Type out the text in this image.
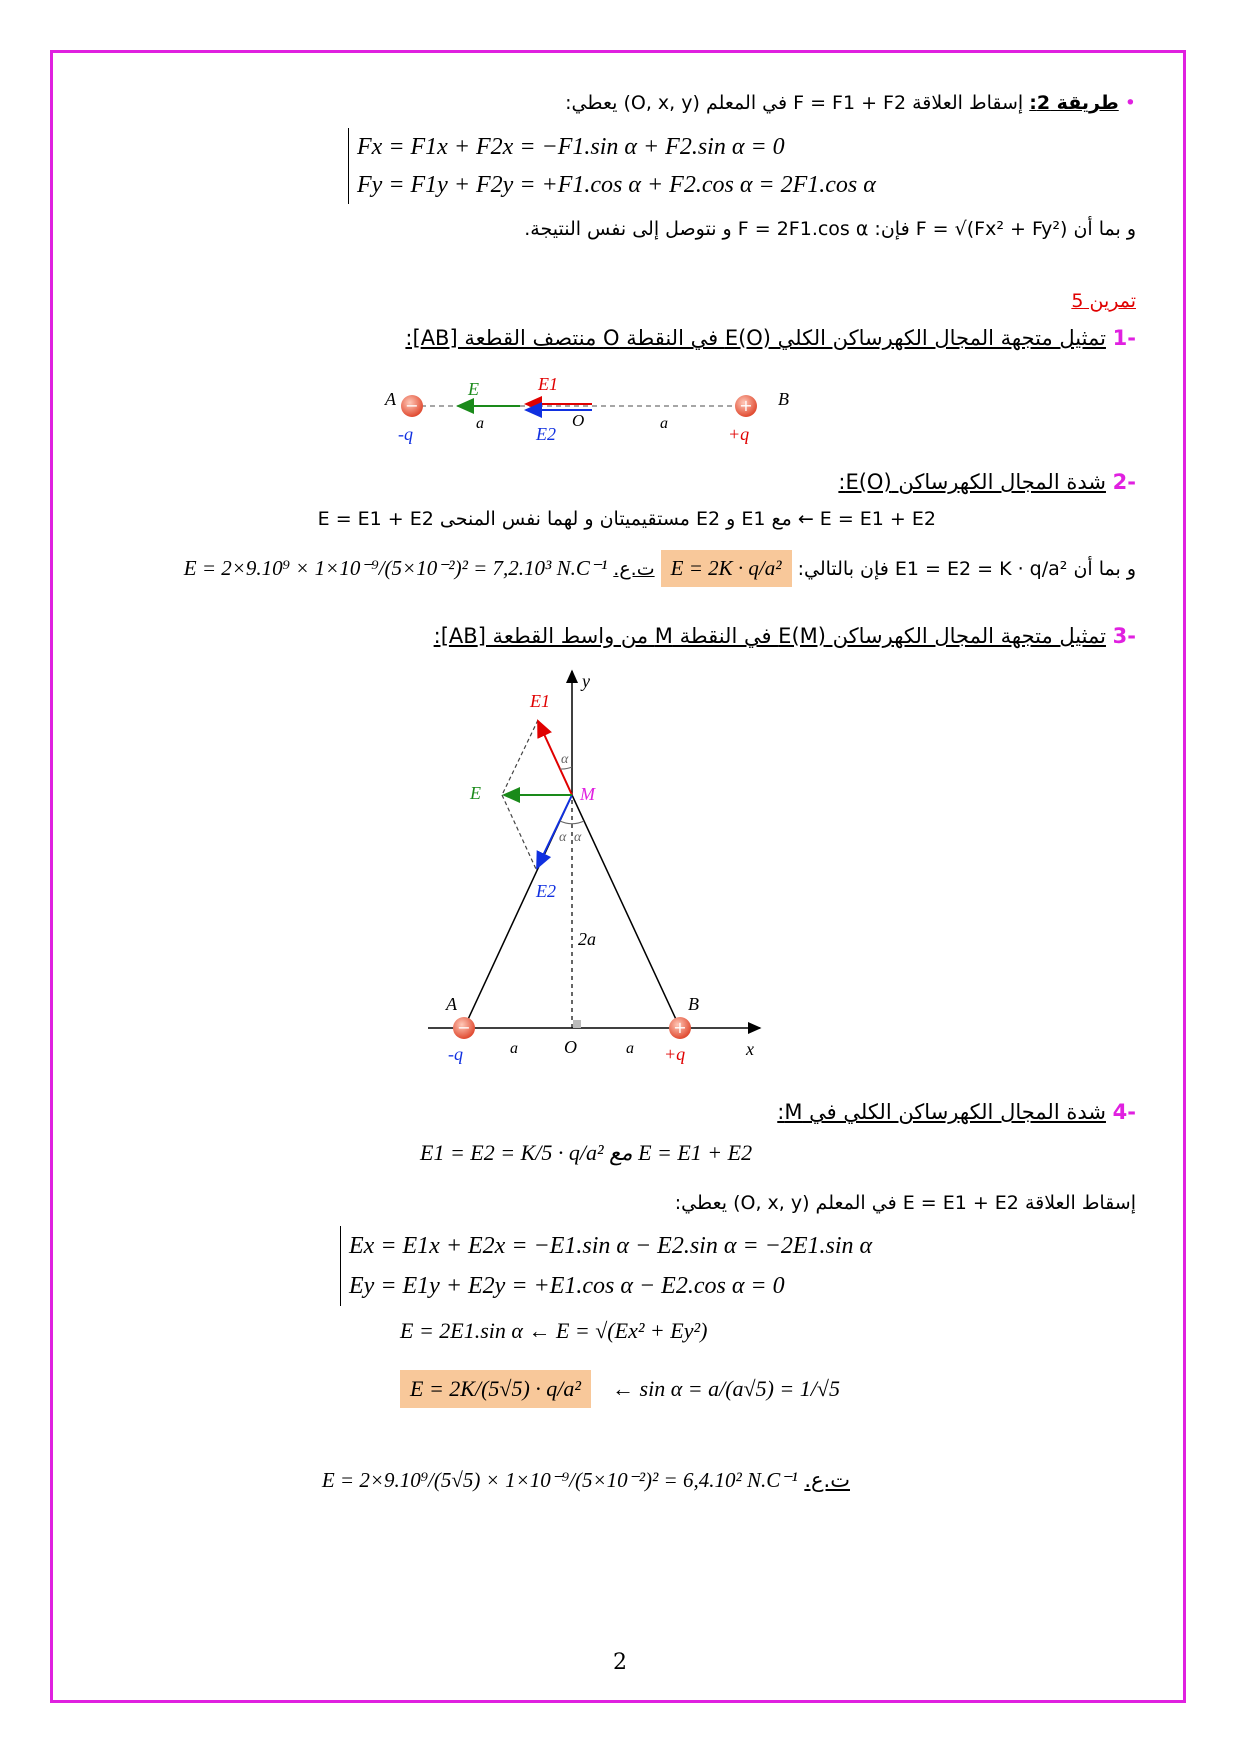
• طريقة 2: إسقاط العلاقة F = F1 + F2 في المعلم (O, x, y) يعطي:
Fx = F1x + F2x = −F1.sin α + F2.sin α = 0
Fy = F1y + F2y = +F1.cos α + F2.cos α = 2F1.cos α
و بما أن F = √(Fx² + Fy²) فإن: F = 2F1.cos α و نتوصل إلى نفس النتيجة.
تمرين 5
-1 تمثيل متجهة المجال الكهرساكن الكلي E(O) في النقطة O منتصف القطعة [AB]:
−	+
A	B
-q	+q
a	a
O
E	E1
E2
-2 شدة المجال الكهرساكن E(O):
E = E1 + E2 ← مع E1 و E2 مستقيميتان و لهما نفس المنحى E = E1 + E2
و بما أن E1 = E2 = K · q/a² فإن بالتالي: E = 2K · q/a² ت.ع. E = 2×9.10⁹ × 1×10⁻⁹/(5×10⁻²)² = 7,2.10³ N.C⁻¹
-3 تمثيل متجهة المجال الكهرساكن E(M) في النقطة M من واسط القطعة [AB]:
α
α α
−	+
y
x
M
A	B
O
-q	+q
a	a
2a
E1
E
E2
-4 شدة المجال الكهرساكن الكلي في M:
E1 = E2 = K/5 · q/a² مع E = E1 + E2
إسقاط العلاقة E = E1 + E2 في المعلم (O, x, y) يعطي:
Ex = E1x + E2x = −E1.sin α − E2.sin α = −2E1.sin α
Ey = E1y + E2y = +E1.cos α − E2.cos α = 0
E = 2E1.sin α ← E = √(Ex² + Ey²)
E = 2K/(5√5) · q/a² ← sin α = a/(a√5) = 1/√5
ت.ع. E = 2×9.10⁹/(5√5) × 1×10⁻⁹/(5×10⁻²)² = 6,4.10² N.C⁻¹
2
